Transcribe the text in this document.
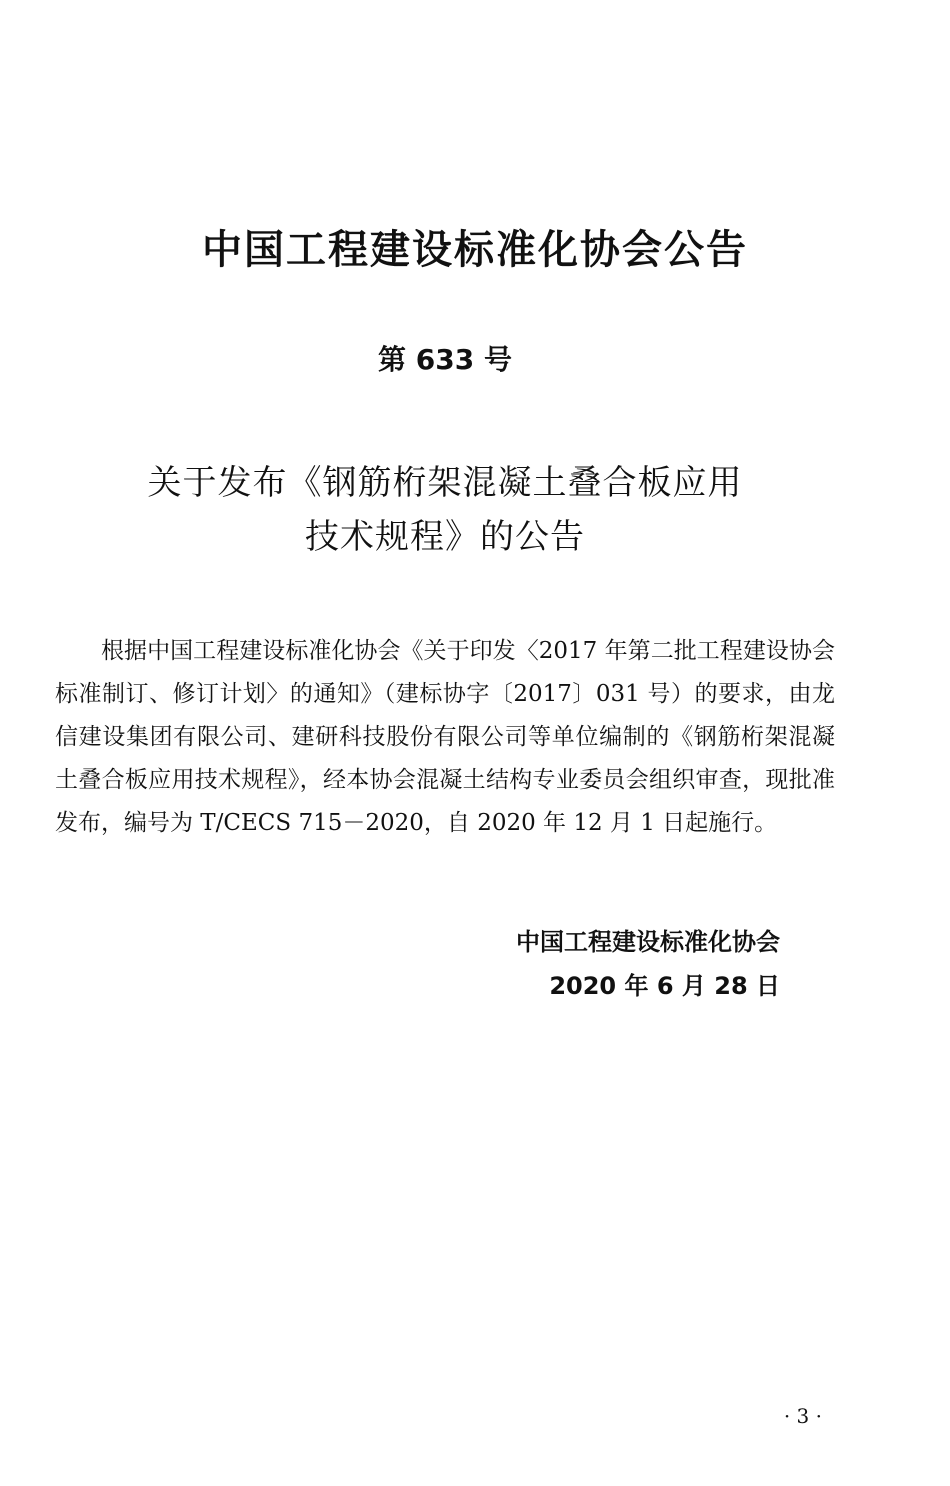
中国工程建设标准化协会公告
第 633 号
关于发布《钢筋桁架混凝土叠合板应用
技术规程》的公告

根据中国工程建设标准化协会《关于印发〈2017 年第二批工程建设协会标准制订、修订计划〉的通知》（建标协字〔2017〕031 号）的要求，由龙信建设集团有限公司、建研科技股份有限公司等单位编制的《钢筋桁架混凝土叠合板应用技术规程》，经本协会混凝土结构专业委员会组织审查，现批准发布，编号为 T/CECS 715－2020，自 2020 年 12 月 1 日起施行。

中国工程建设标准化协会
2020 年 6 月 28 日
· 3 ·
